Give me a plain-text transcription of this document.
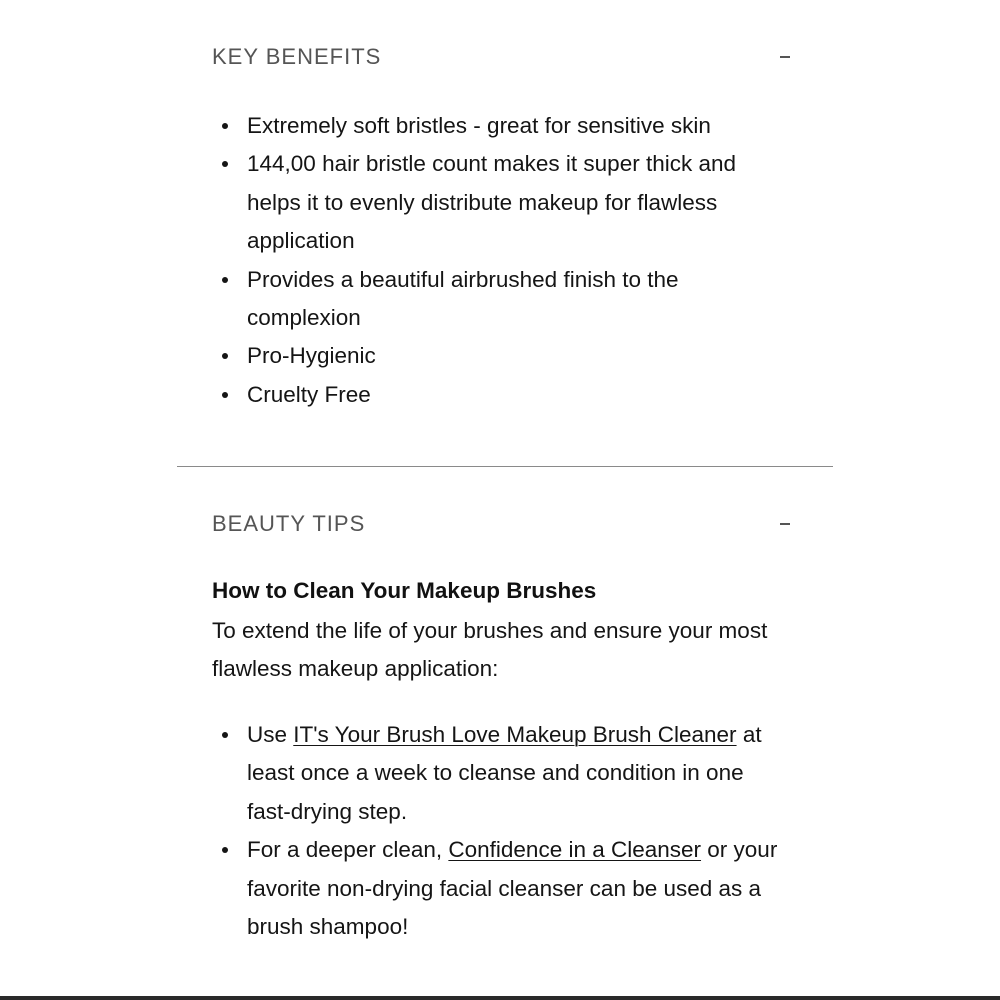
KEY BENEFITS
Extremely soft bristles - great for sensitive skin
144,00 hair bristle count makes it super thick and helps it to evenly distribute makeup for flawless application
Provides a beautiful airbrushed finish to the complexion
Pro-Hygienic
Cruelty Free
BEAUTY TIPS
How to Clean Your Makeup Brushes
To extend the life of your brushes and ensure your most flawless makeup application:
Use IT's Your Brush Love Makeup Brush Cleaner at least once a week to cleanse and condition in one fast-drying step.
For a deeper clean, Confidence in a Cleanser or your favorite non-drying facial cleanser can be used as a brush shampoo!
